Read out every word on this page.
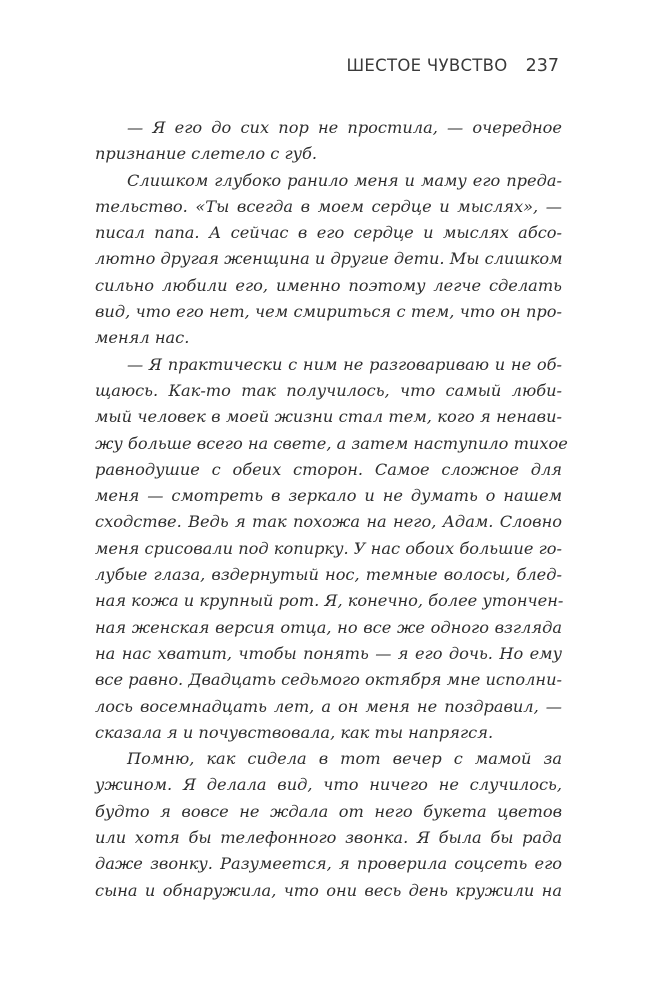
ШЕСТОЕ ЧУВСТВО 237
— Я его до сих пор не простила, — очередное
признание слетело с губ.
Слишком глубоко ранило меня и маму его преда-
тельство. «Ты всегда в моем сердце и мыслях», —
писал папа. А сейчас в его сердце и мыслях абсо-
лютно другая женщина и другие дети. Мы слишком
сильно любили его, именно поэтому легче сделать
вид, что его нет, чем смириться с тем, что он про-
менял нас.
— Я практически с ним не разговариваю и не об-
щаюсь. Как-то так получилось, что самый люби-
мый человек в моей жизни стал тем, кого я ненави-
жу больше всего на свете, а затем наступило тихое
равнодушие с обеих сторон. Самое сложное для
меня — смотреть в зеркало и не думать о нашем
сходстве. Ведь я так похожа на него, Адам. Словно
меня срисовали под копирку. У нас обоих большие го-
лубые глаза, вздернутый нос, темные волосы, блед-
ная кожа и крупный рот. Я, конечно, более утончен-
ная женская версия отца, но все же одного взгляда
на нас хватит, чтобы понять — я его дочь. Но ему
все равно. Двадцать седьмого октября мне исполни-
лось восемнадцать лет, а он меня не поздравил, —
сказала я и почувствовала, как ты напрягся.
Помню, как сидела в тот вечер с мамой за
ужином. Я делала вид, что ничего не случилось,
будто я вовсе не ждала от него букета цветов
или хотя бы телефонного звонка. Я была бы рада
даже звонку. Разумеется, я проверила соцсеть его
сына и обнаружила, что они весь день кружили на
